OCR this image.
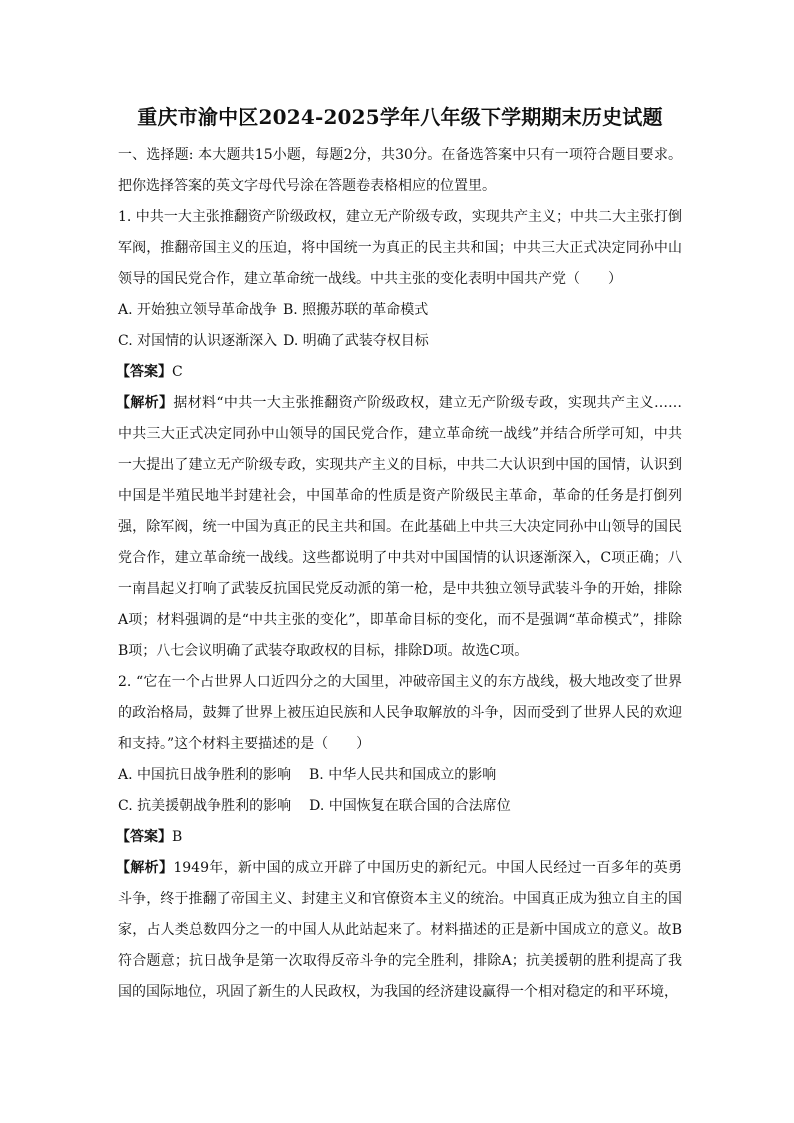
重庆市渝中区2024-2025学年八年级下学期期末历史试题

一、选择题: 本大题共15小题，每题2分，共30分。在备选答案中只有一项符合题目要求。把你选择答案的英文字母代号涂在答题卷表格相应的位置里。

1. 中共一大主张推翻资产阶级政权，建立无产阶级专政，实现共产主义；中共二大主张打倒军阀，推翻帝国主义的压迫，将中国统一为真正的民主共和国；中共三大正式决定同孙中山领导的国民党合作，建立革命统一战线。中共主张的变化表明中国共产党（　　）

A. 开始独立领导革命战争 B. 照搬苏联的革命模式

C. 对国情的认识逐渐深入 D. 明确了武装夺权目标

【答案】C

【解析】据材料“中共一大主张推翻资产阶级政权，建立无产阶级专政，实现共产主义……中共三大正式决定同孙中山领导的国民党合作，建立革命统一战线”并结合所学可知，中共一大提出了建立无产阶级专政，实现共产主义的目标，中共二大认识到中国的国情，认识到中国是半殖民地半封建社会，中国革命的性质是资产阶级民主革命，革命的任务是打倒列强，除军阀，统一中国为真正的民主共和国。在此基础上中共三大决定同孙中山领导的国民党合作，建立革命统一战线。这些都说明了中共对中国国情的认识逐渐深入，C项正确；八一南昌起义打响了武装反抗国民党反动派的第一枪，是中共独立领导武装斗争的开始，排除A项；材料强调的是“中共主张的变化”，即革命目标的变化，而不是强调“革命模式”，排除B项；八七会议明确了武装夺取政权的目标，排除D项。故选C项。

2. “它在一个占世界人口近四分之的大国里，冲破帝国主义的东方战线，极大地改变了世界的政治格局，鼓舞了世界上被压迫民族和人民争取解放的斗争，因而受到了世界人民的欢迎和支持。”这个材料主要描述的是（　　）

A. 中国抗日战争胜利的影响 B. 中华人民共和国成立的影响

C. 抗美援朝战争胜利的影响 D. 中国恢复在联合国的合法席位

【答案】B

【解析】1949年，新中国的成立开辟了中国历史的新纪元。中国人民经过一百多年的英勇斗争，终于推翻了帝国主义、封建主义和官僚资本主义的统治。中国真正成为独立自主的国家，占人类总数四分之一的中国人从此站起来了。材料描述的正是新中国成立的意义。故B符合题意；抗日战争是第一次取得反帝斗争的完全胜利，排除A；抗美援朝的胜利提高了我国的国际地位，巩固了新生的人民政权，为我国的经济建设赢得一个相对稳定的和平环境，
